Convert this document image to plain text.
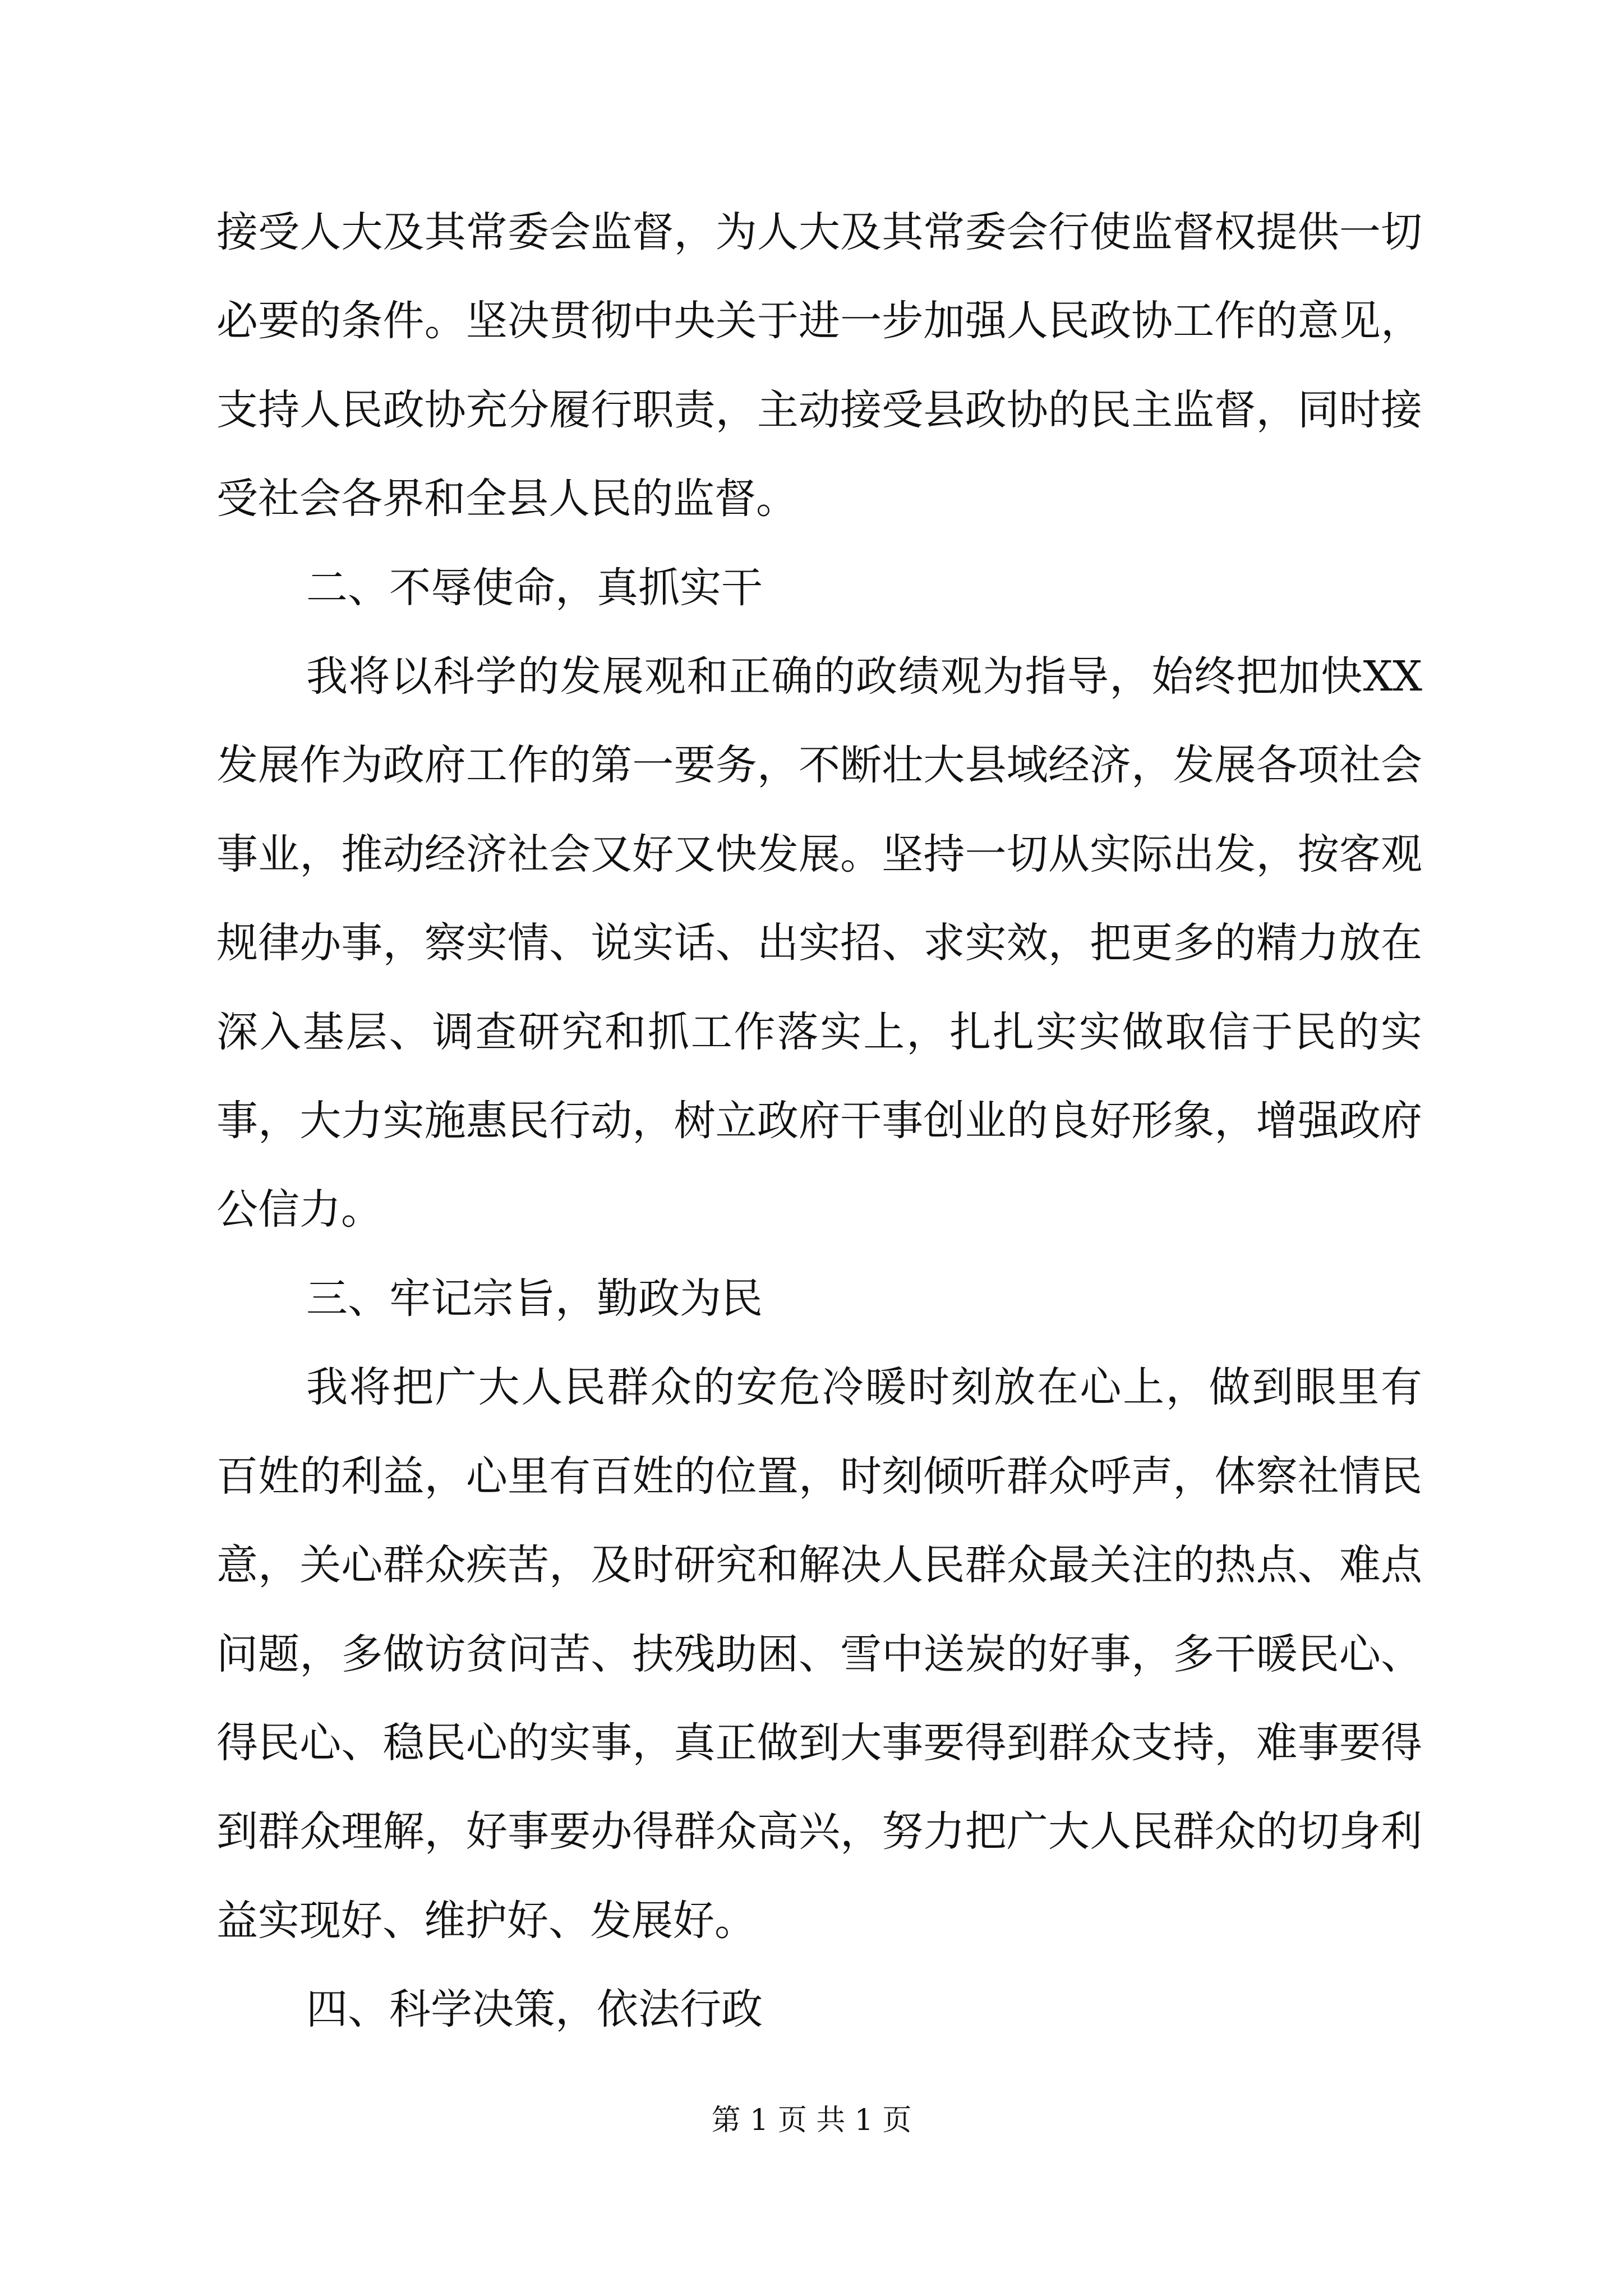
接受人大及其常委会监督，为人大及其常委会行使监督权提供一切必要的条件。坚决贯彻中央关于进一步加强人民政协工作的意见，支持人民政协充分履行职责，主动接受县政协的民主监督，同时接受社会各界和全县人民的监督。

二、不辱使命，真抓实干

我将以科学的发展观和正确的政绩观为指导，始终把加快XX发展作为政府工作的第一要务，不断壮大县域经济，发展各项社会事业，推动经济社会又好又快发展。坚持一切从实际出发，按客观规律办事，察实情、说实话、出实招、求实效，把更多的精力放在深入基层、调查研究和抓工作落实上，扎扎实实做取信于民的实事，大力实施惠民行动，树立政府干事创业的良好形象，增强政府公信力。

三、牢记宗旨，勤政为民

我将把广大人民群众的安危冷暖时刻放在心上，做到眼里有百姓的利益，心里有百姓的位置，时刻倾听群众呼声，体察社情民意，关心群众疾苦，及时研究和解决人民群众最关注的热点、难点问题，多做访贫问苦、扶残助困、雪中送炭的好事，多干暖民心、得民心、稳民心的实事，真正做到大事要得到群众支持，难事要得到群众理解，好事要办得群众高兴，努力把广大人民群众的切身利益实现好、维护好、发展好。

四、科学决策，依法行政

第 1 页 共 1 页
